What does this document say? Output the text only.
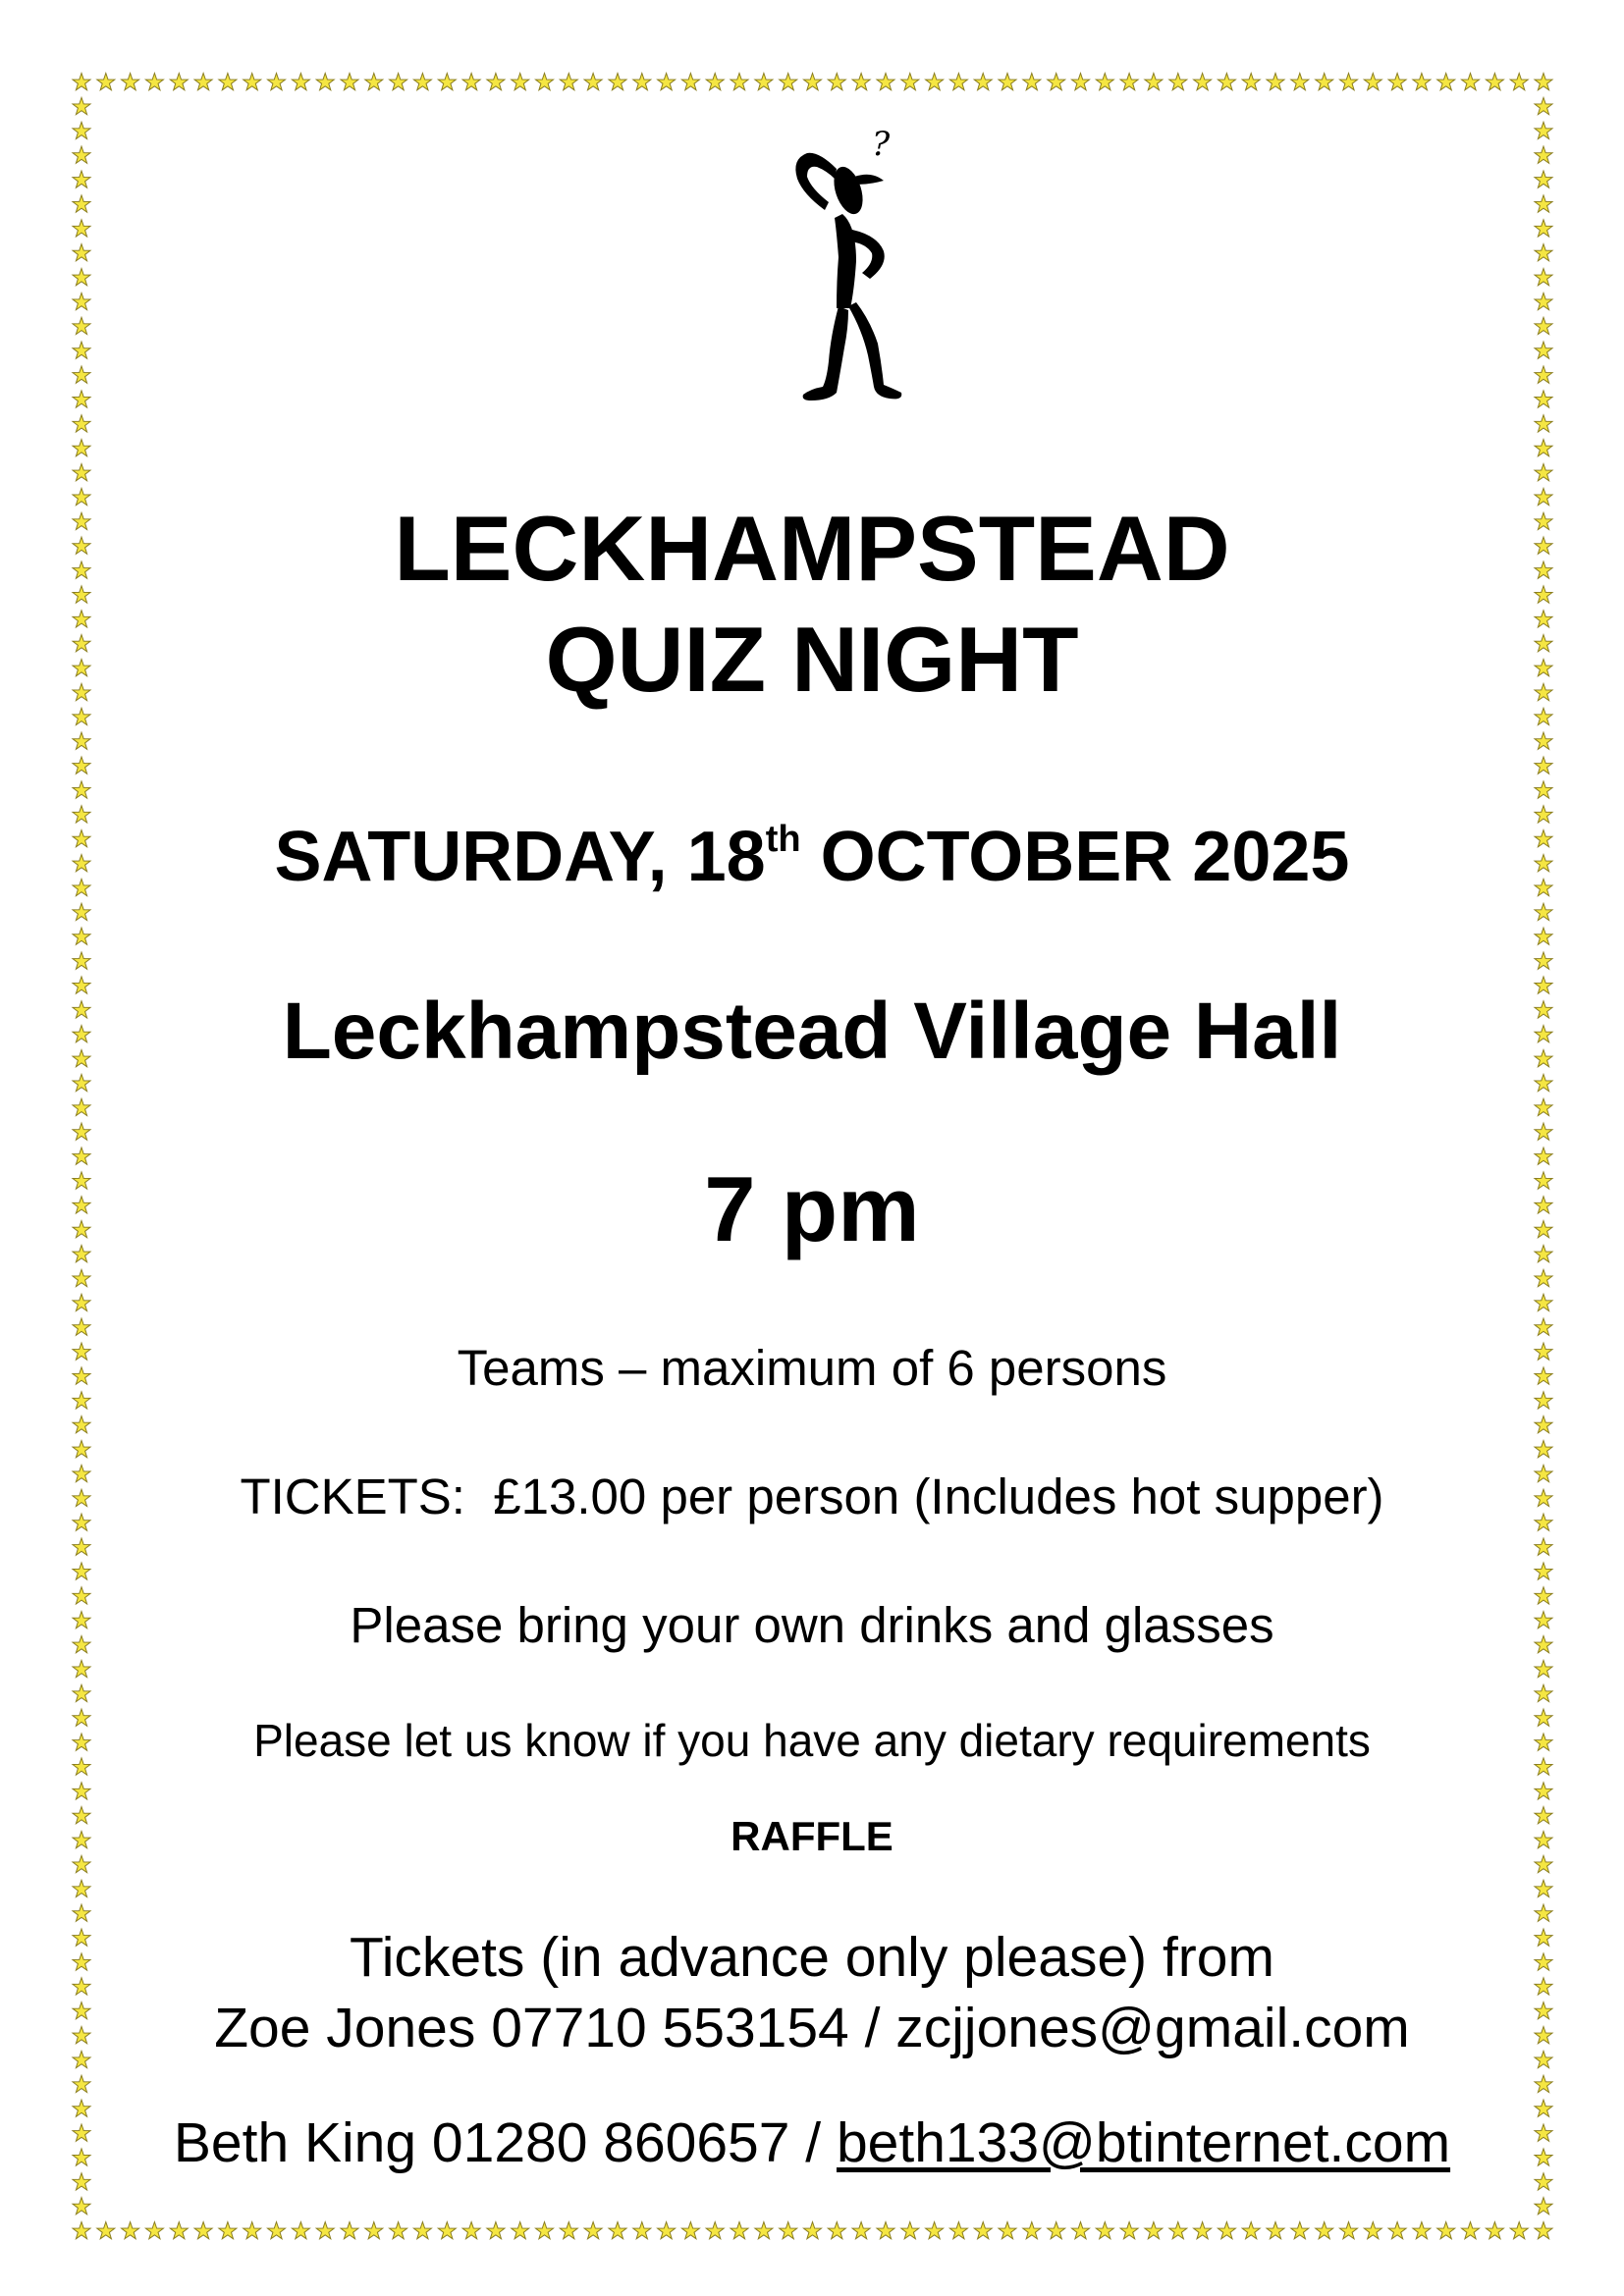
?
LECKHAMPSTEAD
QUIZ NIGHT
SATURDAY, 18th OCTOBER 2025
Leckhampstead Village Hall
7 pm
Teams – maximum of 6 persons
TICKETS:  £13.00 per person (Includes hot supper)
Please bring your own drinks and glasses
Please let us know if you have any dietary requirements
RAFFLE
Tickets (in advance only please) from
Zoe Jones 07710 553154 / zcjjones@gmail.com
Beth King 01280 860657 / beth133@btinternet.com
